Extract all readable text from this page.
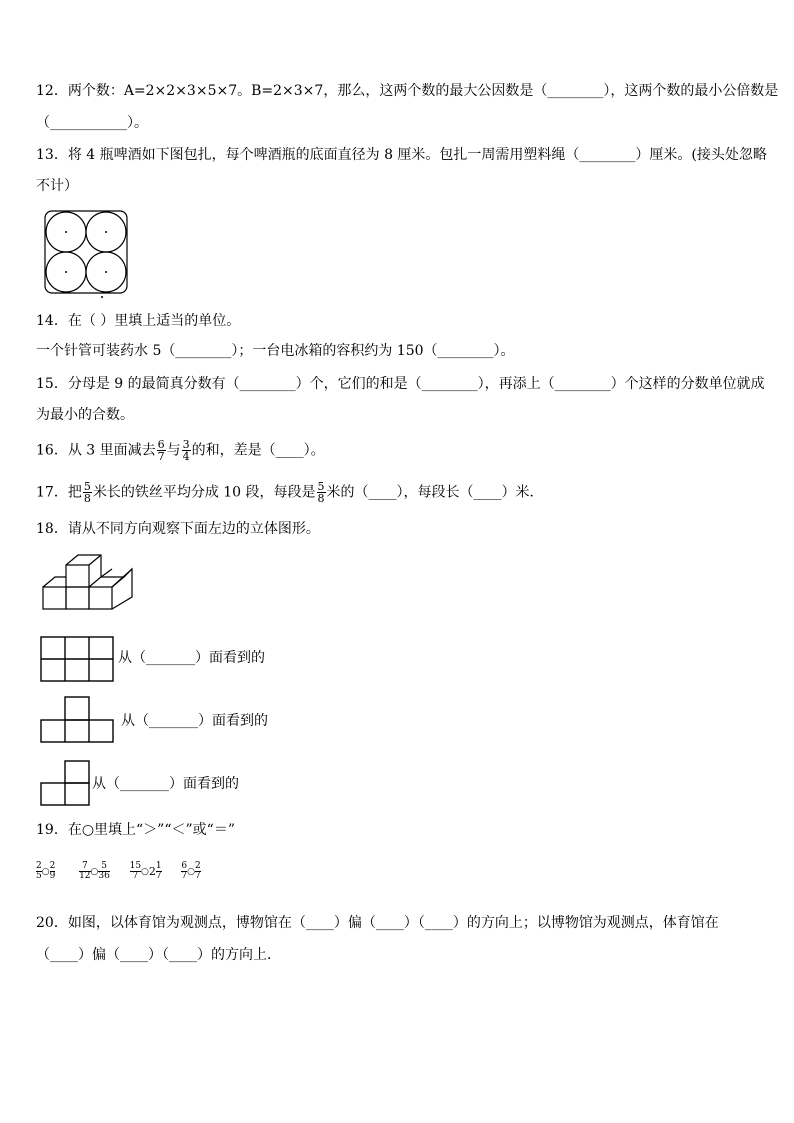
12．两个数：A=2×2×3×5×7。B=2×3×7，那么，这两个数的最大公因数是（________），这两个数的最小公倍数是
（___________）。
13．将 4 瓶啤酒如下图包扎，每个啤酒瓶的底面直径为 8 厘米。包扎一周需用塑料绳（________）厘米。(接头处忽略
不计）
14．在（ ）里填上适当的单位。
一个针管可装药水 5（________）；一台电冰箱的容积约为 150（________）。
15．分母是 9 的最简真分数有（________）个，它们的和是（________），再添上（________）个这样的分数单位就成
为最小的合数。
16．从 3 里面减去 $\frac{6}{7}$ 与 $\frac{3}{4}$ 的和，差是（____）。
17．把 $\frac{5}{8}$ 米长的铁丝平均分成 10 段，每段是 $\frac{5}{8}$ 米的（____），每段长（____）米．
18．请从不同方向观察下面左边的立体图形。
从（_______）面看到的
从（_______）面看到的
从（_______）面看到的
19．在○里填上“＞”“＜”或“＝”
$\frac{2}{5}$ ○ $\frac{2}{9}$
	$\frac{7}{12}$ ○ $\frac{5}{36}$
$\frac{15}{7}$ ○2 $\frac{1}{7}$
$\frac{6}{7}$ ○ $\frac{2}{7}$
20．如图，以体育馆为观测点，博物馆在（____）偏（____）（____）的方向上；以博物馆为观测点，体育馆在
（____）偏（____）（____）的方向上．
